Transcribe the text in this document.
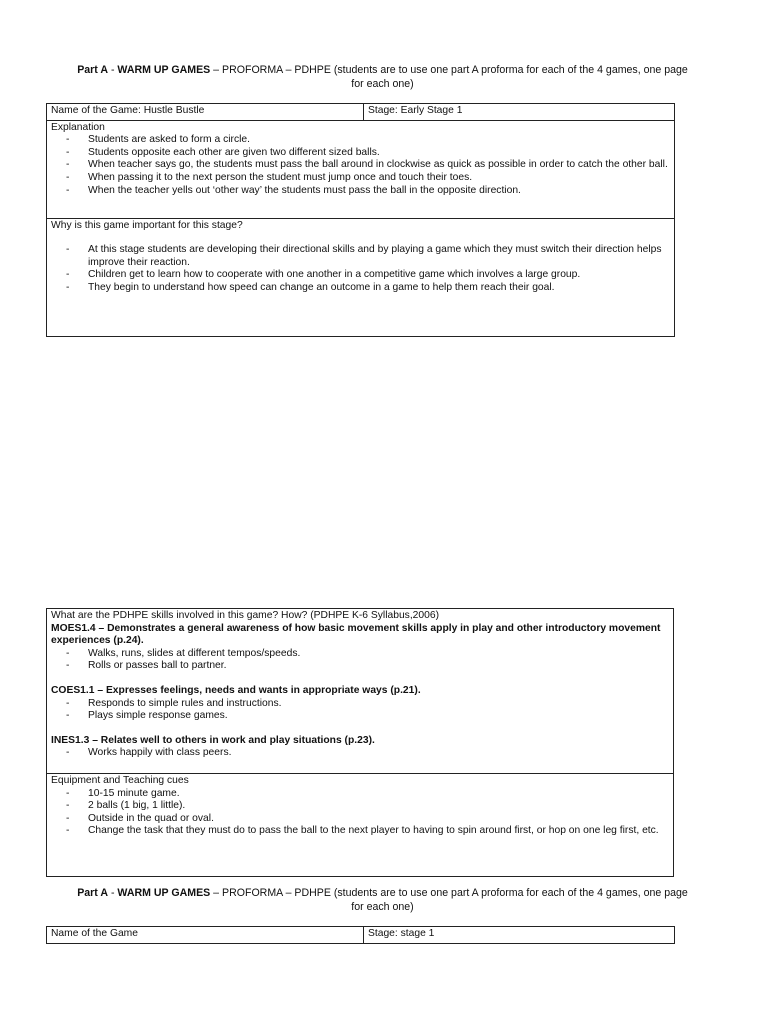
Part A - WARM UP GAMES – PROFORMA – PDHPE (students are to use one part A proforma for each of the 4 games, one page
for each one)
Name of the Game: Hustle Bustle	Stage: Early Stage 1

Explanation
- Students are asked to form a circle.
- Students opposite each other are given two different sized balls.
- When teacher says go, the students must pass the ball around in clockwise as quick as possible in order to catch the other ball.
- When passing it to the next person the student must jump once and touch their toes.
- When the teacher yells out ‘other way’ the students must pass the ball in the opposite direction.

Why is this game important for this stage?
- At this stage students are developing their directional skills and by playing a game which they must switch their direction helps improve their reaction.
- Children get to learn how to cooperate with one another in a competitive game which involves a large group.
- They begin to understand how speed can change an outcome in a game to help them reach their goal.
What are the PDHPE skills involved in this game? How? (PDHPE K-6 Syllabus,2006)
MOES1.4 – Demonstrates a general awareness of how basic movement skills apply in play and other introductory movement experiences (p.24).
- Walks, runs, slides at different tempos/speeds.
- Rolls or passes ball to partner.
COES1.1 – Expresses feelings, needs and wants in appropriate ways (p.21).
- Responds to simple rules and instructions.
- Plays simple response games.
INES1.3 – Relates well to others in work and play situations (p.23).
- Works happily with class peers.

Equipment and Teaching cues
- 10-15 minute game.
- 2 balls (1 big, 1 little).
- Outside in the quad or oval.
- Change the task that they must do to pass the ball to the next player to having to spin around first, or hop on one leg first, etc.
Part A - WARM UP GAMES – PROFORMA – PDHPE (students are to use one part A proforma for each of the 4 games, one page
for each one)
Name of the Game	Stage: stage 1
